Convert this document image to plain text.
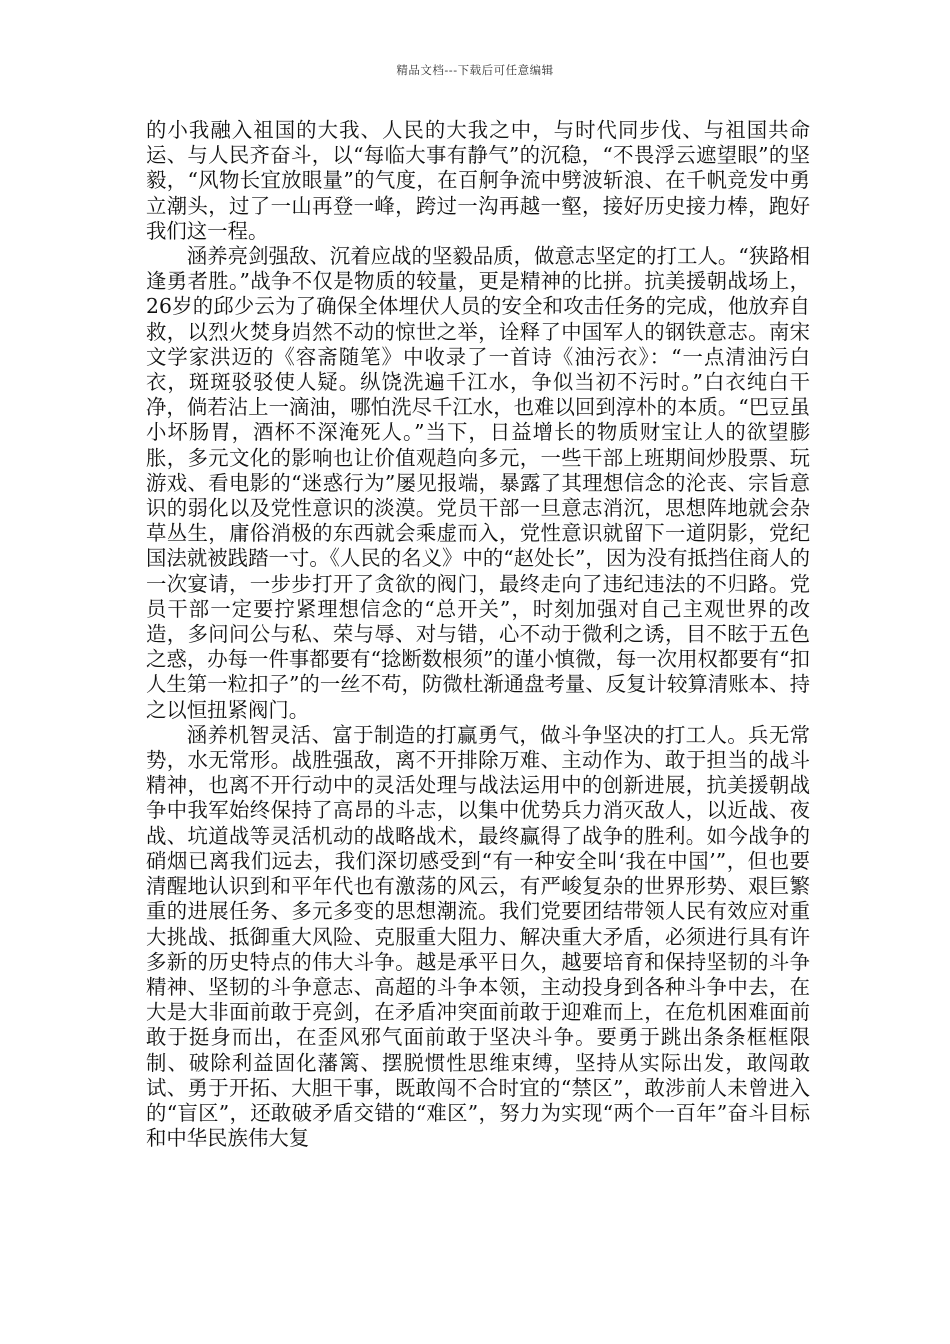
精品文档---下载后可任意编辑

的小我融入祖国的大我、人民的大我之中，与时代同步伐、与祖国共命运、与人民齐奋斗，以“每临大事有静气”的沉稳，“不畏浮云遮望眼”的坚毅，“风物长宜放眼量”的气度，在百舸争流中劈波斩浪、在千帆竞发中勇立潮头，过了一山再登一峰，跨过一沟再越一壑，接好历史接力棒，跑好我们这一程。

涵养亮剑强敌、沉着应战的坚毅品质，做意志坚定的打工人。“狭路相逢勇者胜。”战争不仅是物质的较量，更是精神的比拼。抗美援朝战场上，26岁的邱少云为了确保全体埋伏人员的安全和攻击任务的完成，他放弃自救，以烈火焚身岿然不动的惊世之举，诠释了中国军人的钢铁意志。南宋文学家洪迈的《容斋随笔》中收录了一首诗《油污衣》：“一点清油污白衣，斑斑驳驳使人疑。纵饶洗遍千江水，争似当初不污时。”白衣纯白干净，倘若沾上一滴油，哪怕洗尽千江水，也难以回到淳朴的本质。“巴豆虽小坏肠胃，酒杯不深淹死人。”当下，日益增长的物质财宝让人的欲望膨胀，多元文化的影响也让价值观趋向多元，一些干部上班期间炒股票、玩游戏、看电影的“迷惑行为”屡见报端，暴露了其理想信念的沦丧、宗旨意识的弱化以及党性意识的淡漠。党员干部一旦意志消沉，思想阵地就会杂草丛生，庸俗消极的东西就会乘虚而入，党性意识就留下一道阴影，党纪国法就被践踏一寸。《人民的名义》中的“赵处长”，因为没有抵挡住商人的一次宴请，一步步打开了贪欲的阀门，最终走向了违纪违法的不归路。党员干部一定要拧紧理想信念的“总开关”，时刻加强对自己主观世界的改造，多问问公与私、荣与辱、对与错，心不动于微利之诱，目不眩于五色之惑，办每一件事都要有“捻断数根须”的谨小慎微，每一次用权都要有“扣人生第一粒扣子”的一丝不苟，防微杜渐通盘考量、反复计较算清账本、持之以恒扭紧阀门。

涵养机智灵活、富于制造的打赢勇气，做斗争坚决的打工人。兵无常势，水无常形。战胜强敌，离不开排除万难、主动作为、敢于担当的战斗精神，也离不开行动中的灵活处理与战法运用中的创新进展，抗美援朝战争中我军始终保持了高昂的斗志，以集中优势兵力消灭敌人，以近战、夜战、坑道战等灵活机动的战略战术，最终赢得了战争的胜利。如今战争的硝烟已离我们远去，我们深切感受到“有一种安全叫‘我在中国’”，但也要清醒地认识到和平年代也有激荡的风云，有严峻复杂的世界形势、艰巨繁重的进展任务、多元多变的思想潮流。我们党要团结带领人民有效应对重大挑战、抵御重大风险、克服重大阻力、解决重大矛盾，必须进行具有许多新的历史特点的伟大斗争。越是承平日久，越要培育和保持坚韧的斗争精神、坚韧的斗争意志、高超的斗争本领，主动投身到各种斗争中去，在大是大非面前敢于亮剑，在矛盾冲突面前敢于迎难而上，在危机困难面前敢于挺身而出，在歪风邪气面前敢于坚决斗争。要勇于跳出条条框框限制、破除利益固化藩篱、摆脱惯性思维束缚，坚持从实际出发，敢闯敢试、勇于开拓、大胆干事，既敢闯不合时宜的“禁区”，敢涉前人未曾进入的“盲区”，还敢破矛盾交错的“难区”，努力为实现“两个一百年”奋斗目标和中华民族伟大复
